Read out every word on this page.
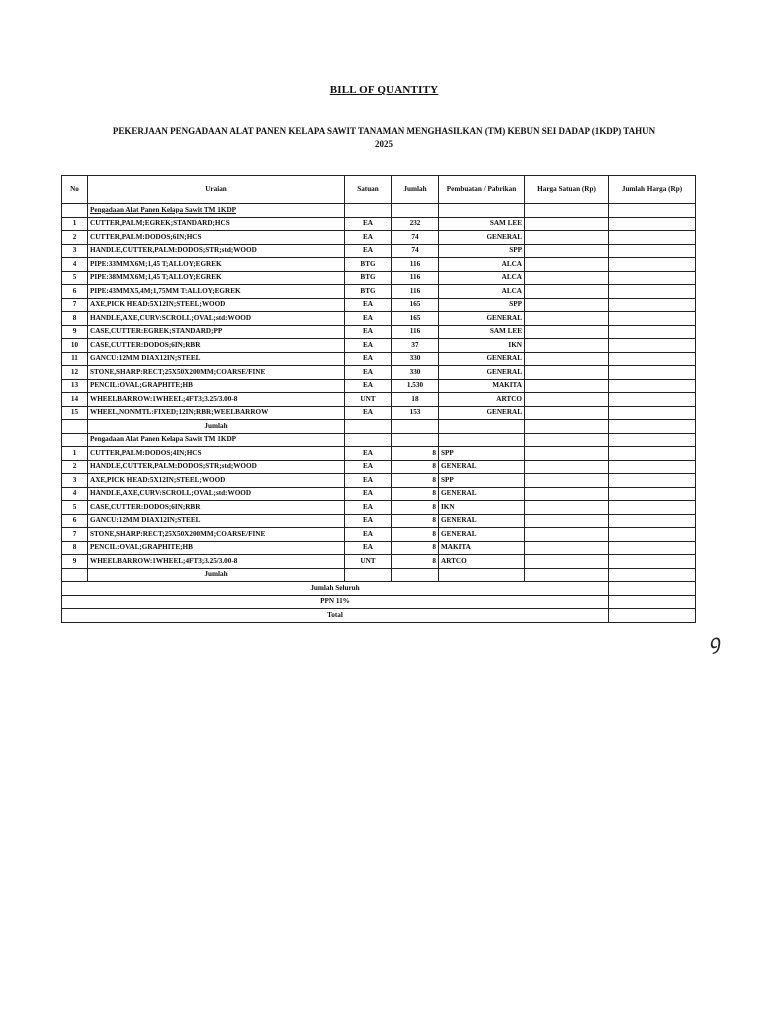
BILL OF QUANTITY
PEKERJAAN PENGADAAN ALAT PANEN KELAPA SAWIT TANAMAN MENGHASILKAN (TM) KEBUN SEI DADAP (1KDP) TAHUN
2025
No	Uraian	Satuan	Jumlah	Pembuatan / Pabrikan	Harga Satuan (Rp)	Jumlah Harga (Rp)
	Pengadaan Alat Panen Kelapa Sawit TM 1KDP					
1	CUTTER,PALM;EGREK;STANDARD;HCS	EA	232	SAM LEE		
2	CUTTER,PALM:DODOS;6IN;HCS	EA	74	GENERAL		
3	HANDLE,CUTTER,PALM:DODOS;STR;std;WOOD	EA	74	SPP		
4	PIPE:33MMX6M;1,45 T;ALLOY;EGREK	BTG	116	ALCA		
5	PIPE:38MMX6M;1,45 T;ALLOY;EGREK	BTG	116	ALCA		
6	PIPE:43MMX5,4M;1,75MM T:ALLOY;EGREK	BTG	116	ALCA		
7	AXE,PICK HEAD:5X12IN;STEEL;WOOD	EA	165	SPP		
8	HANDLE,AXE,CURV:SCROLL;OVAL;std:WOOD	EA	165	GENERAL		
9	CASE,CUTTER:EGREK;STANDARD;PP	EA	116	SAM LEE		
10	CASE,CUTTER:DODOS;6IN;RBR	EA	37	IKN		
11	GANCU:12MM DIAX12IN;STEEL	EA	330	GENERAL		
12	STONE,SHARP:RECT;25X50X200MM;COARSE/FINE	EA	330	GENERAL		
13	PENCIL:OVAL;GRAPHITE;HB	EA	1.530	MAKITA		
14	WHEELBARROW:1WHEEL;4FT3;3.25/3.00-8	UNT	18	ARTCO		
15	WHEEL,NONMTL:FIXED;12IN;RBR;WEELBARROW	EA	153	GENERAL		
	Jumlah					
	Pengadaan Alat Panen Kelapa Sawit TM 1KDP					
1	CUTTER,PALM:DODOS;4IN;HCS	EA	8	SPP		
2	HANDLE,CUTTER,PALM:DODOS;STR;std;WOOD	EA	8	GENERAL		
3	AXE,PICK HEAD:5X12IN;STEEL;WOOD	EA	8	SPP		
4	HANDLE,AXE,CURV:SCROLL;OVAL;std:WOOD	EA	8	GENERAL		
5	CASE,CUTTER:DODOS;6IN;RBR	EA	8	IKN		
6	GANCU:12MM DIAX12IN;STEEL	EA	8	GENERAL		
7	STONE,SHARP:RECT;25X50X200MM;COARSE/FINE	EA	8	GENERAL		
8	PENCIL:OVAL;GRAPHITE;HB	EA	8	MAKITA		
9	WHEELBARROW:1WHEEL;4FT3;3.25/3.00-8	UNT	8	ARTCO		
	Jumlah					
Jumlah Seluruh						
PPN 11%						
Total						
ꝯ
